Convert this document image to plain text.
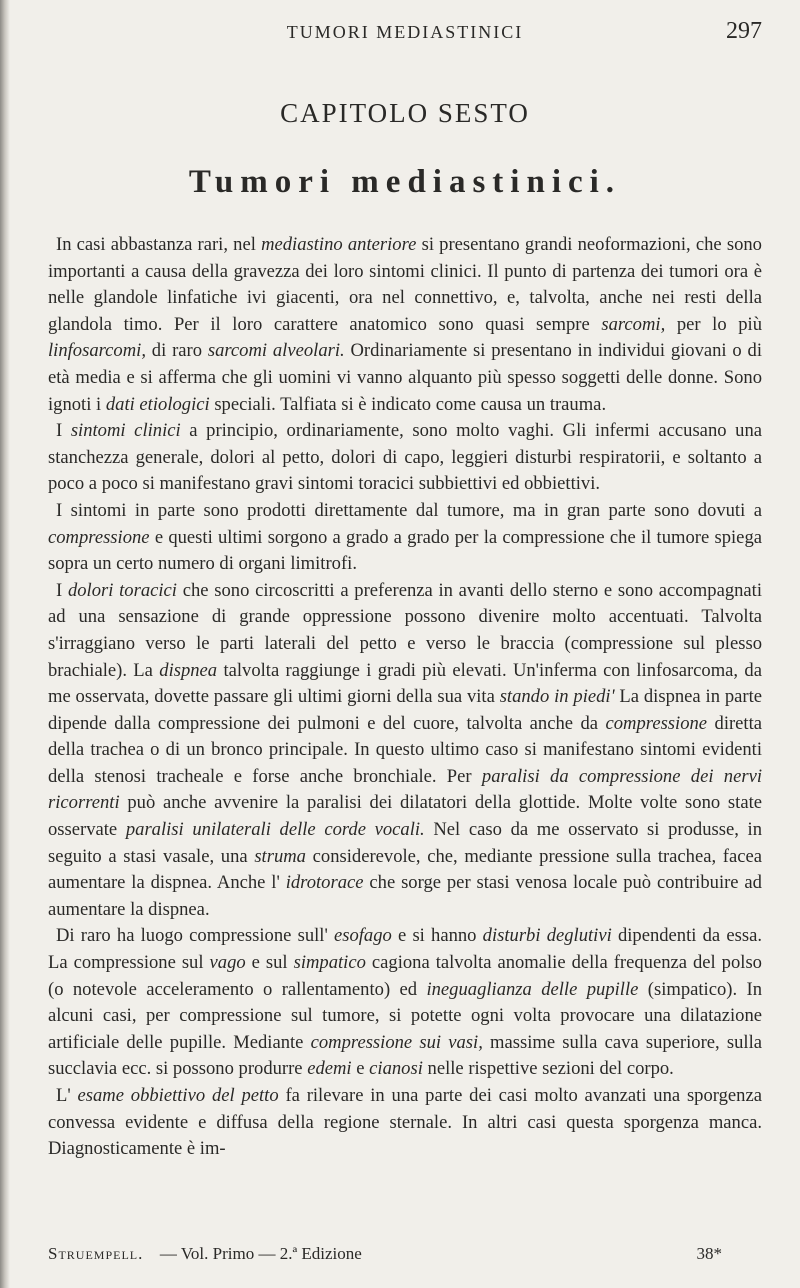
TUMORI MEDIASTINICI	297
CAPITOLO SESTO
Tumori mediastinici.

In casi abbastanza rari, nel mediastino anteriore si presentano grandi neoformazioni, che sono importanti a causa della gravezza dei loro sintomi clinici. Il punto di partenza dei tumori ora è nelle glandole linfatiche ivi giacenti, ora nel connettivo, e, talvolta, anche nei resti della glandola timo. Per il loro carattere anatomico sono quasi sempre sarcomi, per lo più linfosarcomi, di raro sarcomi alveolari. Ordinariamente si presentano in individui giovani o di età media e si afferma che gli uomini vi vanno alquanto più spesso soggetti delle donne. Sono ignoti i dati etiologici speciali. Talfiata si è indicato come causa un trauma.

I sintomi clinici a principio, ordinariamente, sono molto vaghi. Gli infermi accusano una stanchezza generale, dolori al petto, dolori di capo, leggieri disturbi respiratorii, e soltanto a poco a poco si manifestano gravi sintomi toracici subbiettivi ed obbiettivi.

I sintomi in parte sono prodotti direttamente dal tumore, ma in gran parte sono dovuti a compressione e questi ultimi sorgono a grado a grado per la compressione che il tumore spiega sopra un certo numero di organi limitrofi.

I dolori toracici che sono circoscritti a preferenza in avanti dello sterno e sono accompagnati ad una sensazione di grande oppressione possono divenire molto accentuati. Talvolta s'irraggiano verso le parti laterali del petto e verso le braccia (compressione sul plesso brachiale). La dispnea talvolta raggiunge i gradi più elevati. Un'inferma con linfosarcoma, da me osservata, dovette passare gli ultimi giorni della sua vita stando in piedi' La dispnea in parte dipende dalla compressione dei pulmoni e del cuore, talvolta anche da compressione diretta della trachea o di un bronco principale. In questo ultimo caso si manifestano sintomi evidenti della stenosi tracheale e forse anche bronchiale. Per paralisi da compressione dei nervi ricorrenti può anche avvenire la paralisi dei dilatatori della glottide. Molte volte sono state osservate paralisi unilaterali delle corde vocali. Nel caso da me osservato si produsse, in seguito a stasi vasale, una struma considerevole, che, mediante pressione sulla trachea, facea aumentare la dispnea. Anche l' idrotorace che sorge per stasi venosa locale può contribuire ad aumentare la dispnea.

Di raro ha luogo compressione sull' esofago e si hanno disturbi deglutivi dipendenti da essa. La compressione sul vago e sul simpatico cagiona talvolta anomalie della frequenza del polso (o notevole acceleramento o rallentamento) ed ineguaglianza delle pupille (simpatico). In alcuni casi, per compressione sul tumore, si potette ogni volta provocare una dilatazione artificiale delle pupille. Mediante compressione sui vasi, massime sulla cava superiore, sulla succlavia ecc. si possono produrre edemi e cianosi nelle rispettive sezioni del corpo.

L' esame obbiettivo del petto fa rilevare in una parte dei casi molto avanzati una sporgenza convessa evidente e diffusa della regione sternale. In altri casi questa sporgenza manca. Diagnosticamente è im-

Struempell. — Vol. Primo — 2.ª Edizione	38*
